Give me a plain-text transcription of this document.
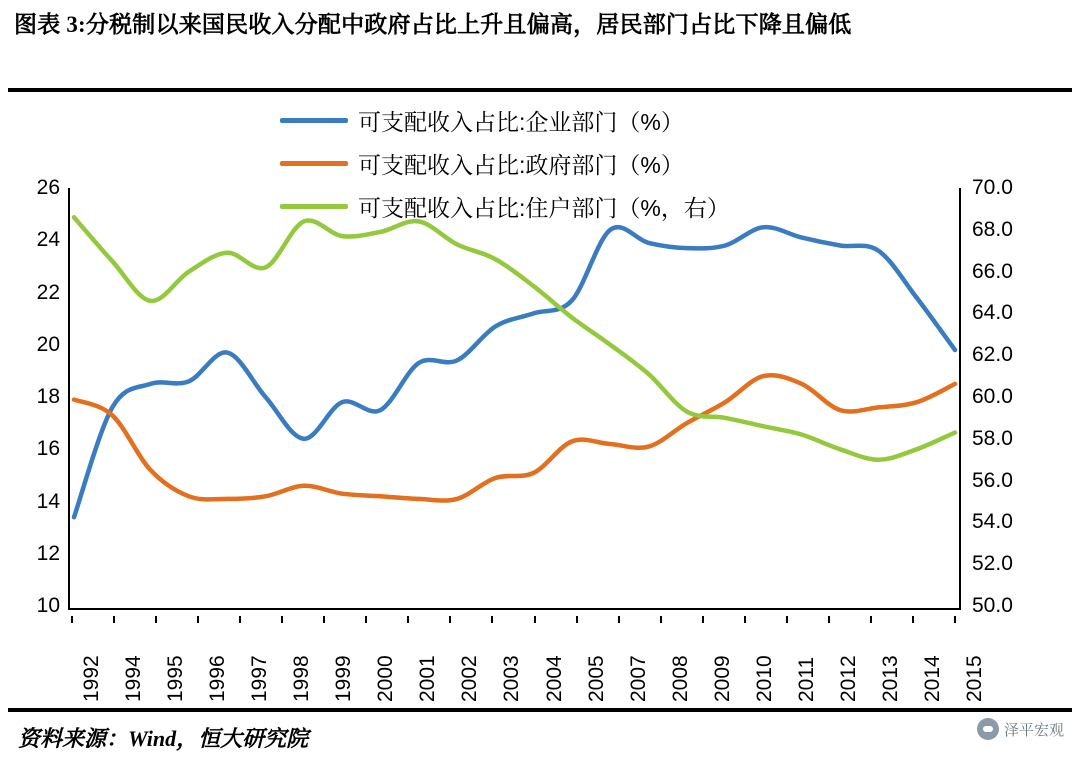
图表 3:分税制以来国民收入分配中政府占比上升且偏高，居民部门占比下降且偏低
可支配收入占比:企业部门（%）
可支配收入占比:政府部门（%）
可支配收入占比:住户部门（%，右）
10
12
14
16
18
20
22
24
26
50.0
52.0
54.0
56.0
58.0
60.0
62.0
64.0
66.0
68.0
70.0
1992 1994 1995 1996 1997 1998 1999 2000 2001 2002 2003 2004 2005 2007 2008 2009 2010 2011 2012 2013 2014 2015
资料来源：Wind，恒大研究院	泽平宏观
